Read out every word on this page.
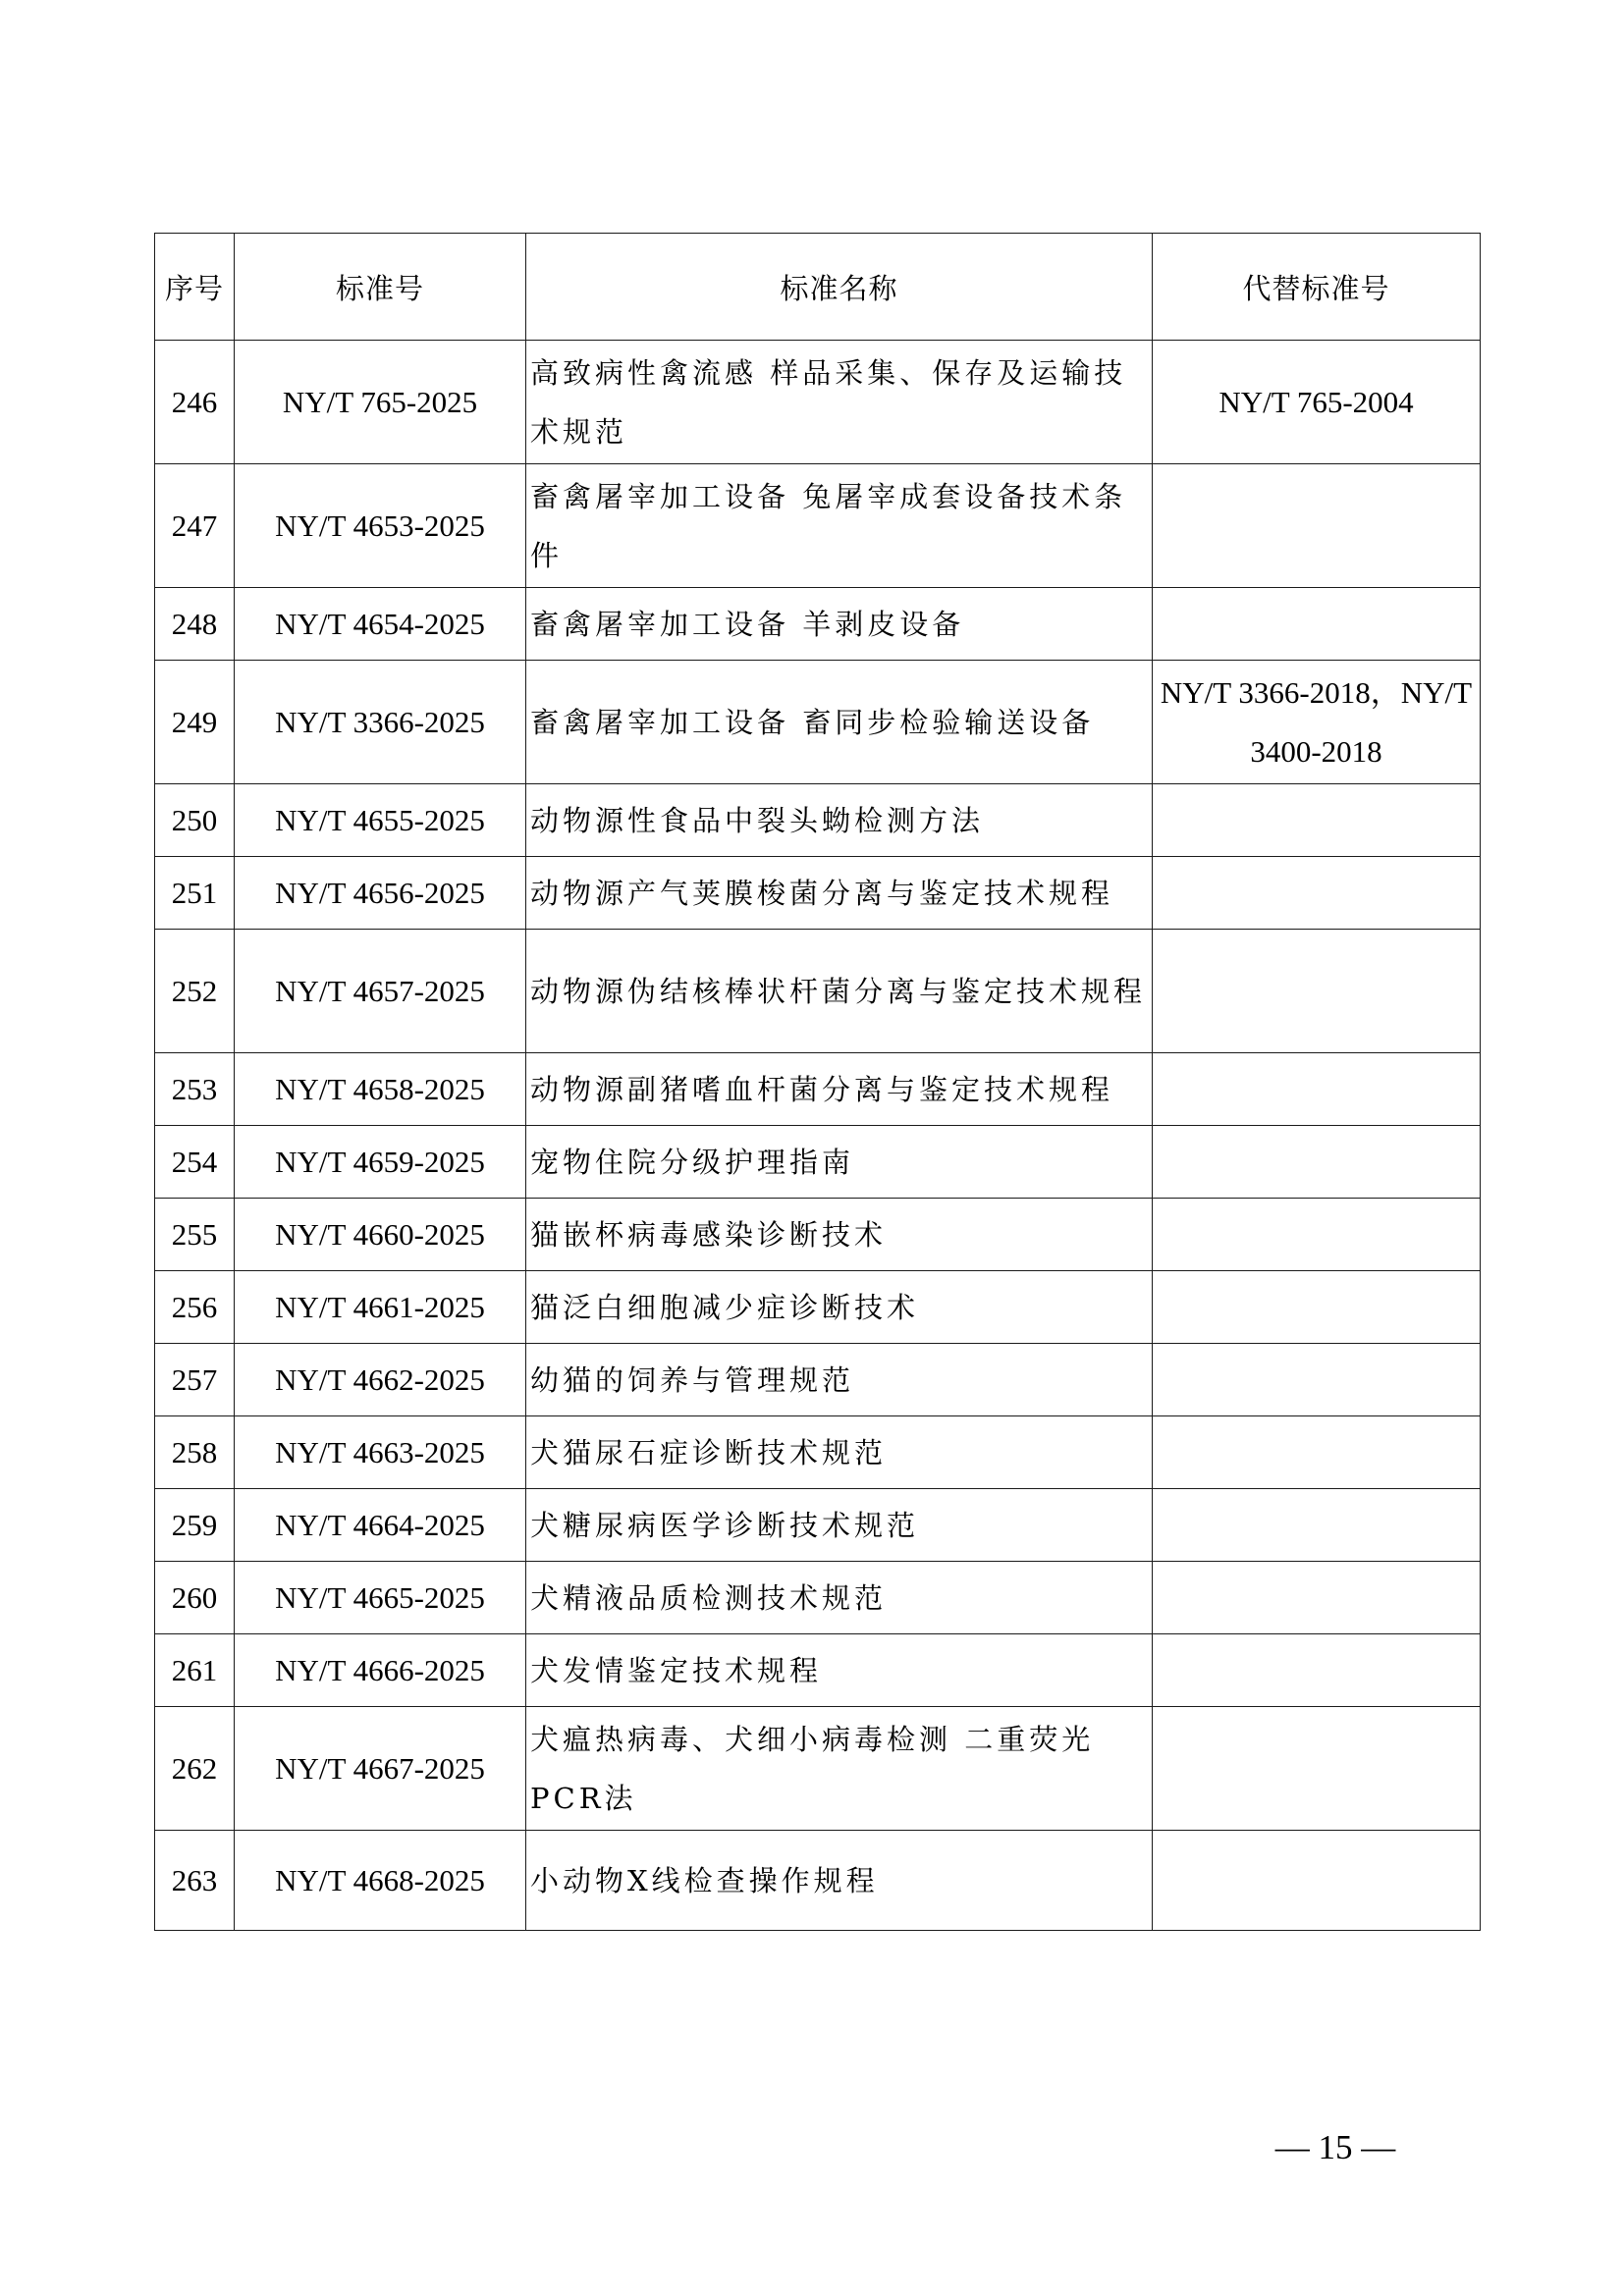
序号	标准号	标准名称	代替标准号
246	NY/T 765-2025	高致病性禽流感 样品采集、保存及运输技术规范	NY/T 765-2004
247	NY/T 4653-2025	畜禽屠宰加工设备 兔屠宰成套设备技术条件	
248	NY/T 4654-2025	畜禽屠宰加工设备 羊剥皮设备	
249	NY/T 3366-2025	畜禽屠宰加工设备 畜同步检验输送设备	NY/T 3366-2018，NY/T 3400-2018
250	NY/T 4655-2025	动物源性食品中裂头蚴检测方法	
251	NY/T 4656-2025	动物源产气荚膜梭菌分离与鉴定技术规程	
252	NY/T 4657-2025	动物源伪结核棒状杆菌分离与鉴定技术规程	
253	NY/T 4658-2025	动物源副猪嗜血杆菌分离与鉴定技术规程	
254	NY/T 4659-2025	宠物住院分级护理指南	
255	NY/T 4660-2025	猫嵌杯病毒感染诊断技术	
256	NY/T 4661-2025	猫泛白细胞减少症诊断技术	
257	NY/T 4662-2025	幼猫的饲养与管理规范	
258	NY/T 4663-2025	犬猫尿石症诊断技术规范	
259	NY/T 4664-2025	犬糖尿病医学诊断技术规范	
260	NY/T 4665-2025	犬精液品质检测技术规范	
261	NY/T 4666-2025	犬发情鉴定技术规程	
262	NY/T 4667-2025	犬瘟热病毒、犬细小病毒检测 二重荧光PCR法	
263	NY/T 4668-2025	小动物X线检查操作规程	
— 15 —
